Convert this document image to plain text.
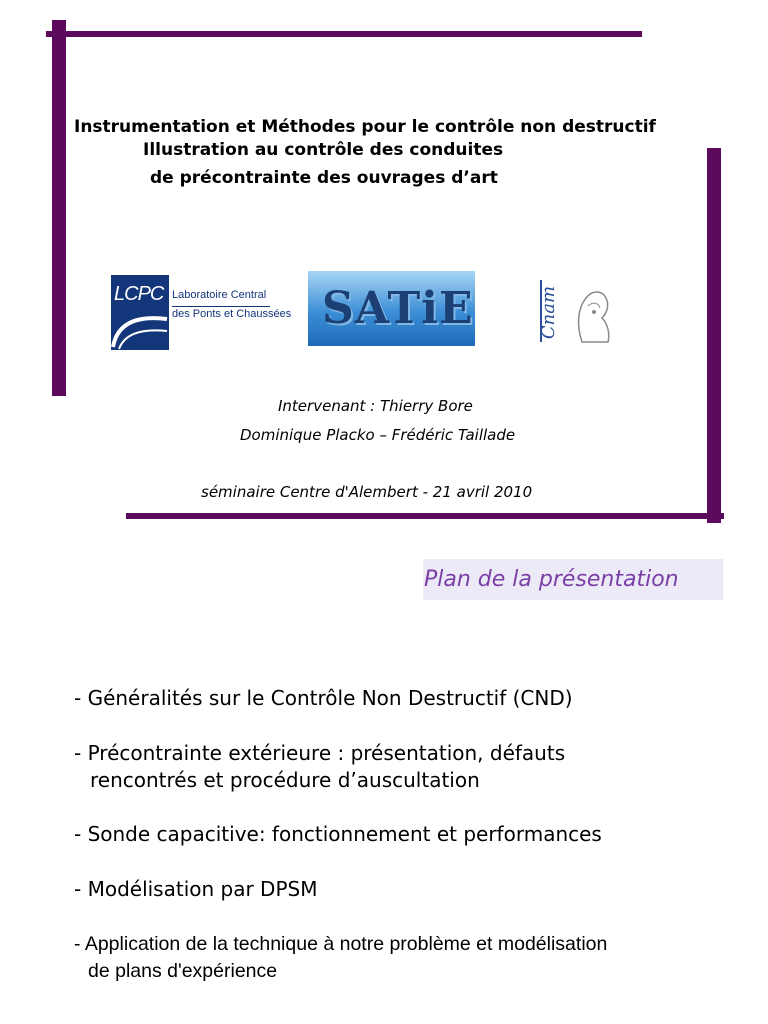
Instrumentation et Méthodes pour le contrôle non destructif
Illustration au contrôle des conduites
de précontrainte des ouvrages d’art
LCPC Laboratoire Central
des Ponts et Chaussées SATiE	Cnam
Intervenant : Thierry Bore
Dominique Placko – Frédéric Taillade
séminaire Centre d'Alembert - 21 avril 2010
Plan de la présentation
- Généralités sur le Contrôle Non Destructif (CND)
- Précontrainte extérieure : présentation, défauts
rencontrés et procédure d’auscultation
- Sonde capacitive: fonctionnement et performances
- Modélisation par DPSM
- Application de la technique à notre problème et modélisation
de plans d'expérience
